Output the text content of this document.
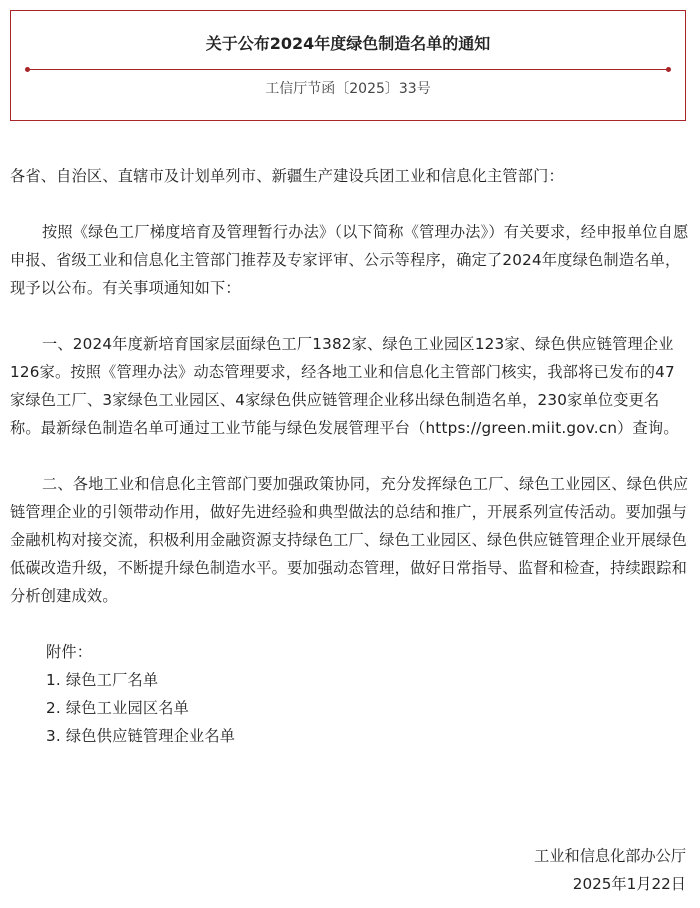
关于公布2024年度绿色制造名单的通知
工信厅节函〔2025〕33号

各省、自治区、直辖市及计划单列市、新疆生产建设兵团工业和信息化主管部门：

按照《绿色工厂梯度培育及管理暂行办法》（以下简称《管理办法》）有关要求，经申报单位自愿申报、省级工业和信息化主管部门推荐及专家评审、公示等程序，确定了2024年度绿色制造名单，现予以公布。有关事项通知如下：

一、2024年度新培育国家层面绿色工厂1382家、绿色工业园区123家、绿色供应链管理企业126家。按照《管理办法》动态管理要求，经各地工业和信息化主管部门核实，我部将已发布的47家绿色工厂、3家绿色工业园区、4家绿色供应链管理企业移出绿色制造名单，230家单位变更名称。最新绿色制造名单可通过工业节能与绿色发展管理平台（https://green.miit.gov.cn）查询。

二、各地工业和信息化主管部门要加强政策协同，充分发挥绿色工厂、绿色工业园区、绿色供应链管理企业的引领带动作用，做好先进经验和典型做法的总结和推广，开展系列宣传活动。要加强与金融机构对接交流，积极利用金融资源支持绿色工厂、绿色工业园区、绿色供应链管理企业开展绿色低碳改造升级，不断提升绿色制造水平。要加强动态管理，做好日常指导、监督和检查，持续跟踪和分析创建成效。

附件：

1. 绿色工厂名单

2. 绿色工业园区名单

3. 绿色供应链管理企业名单

工业和信息化部办公厅
2025年1月22日
